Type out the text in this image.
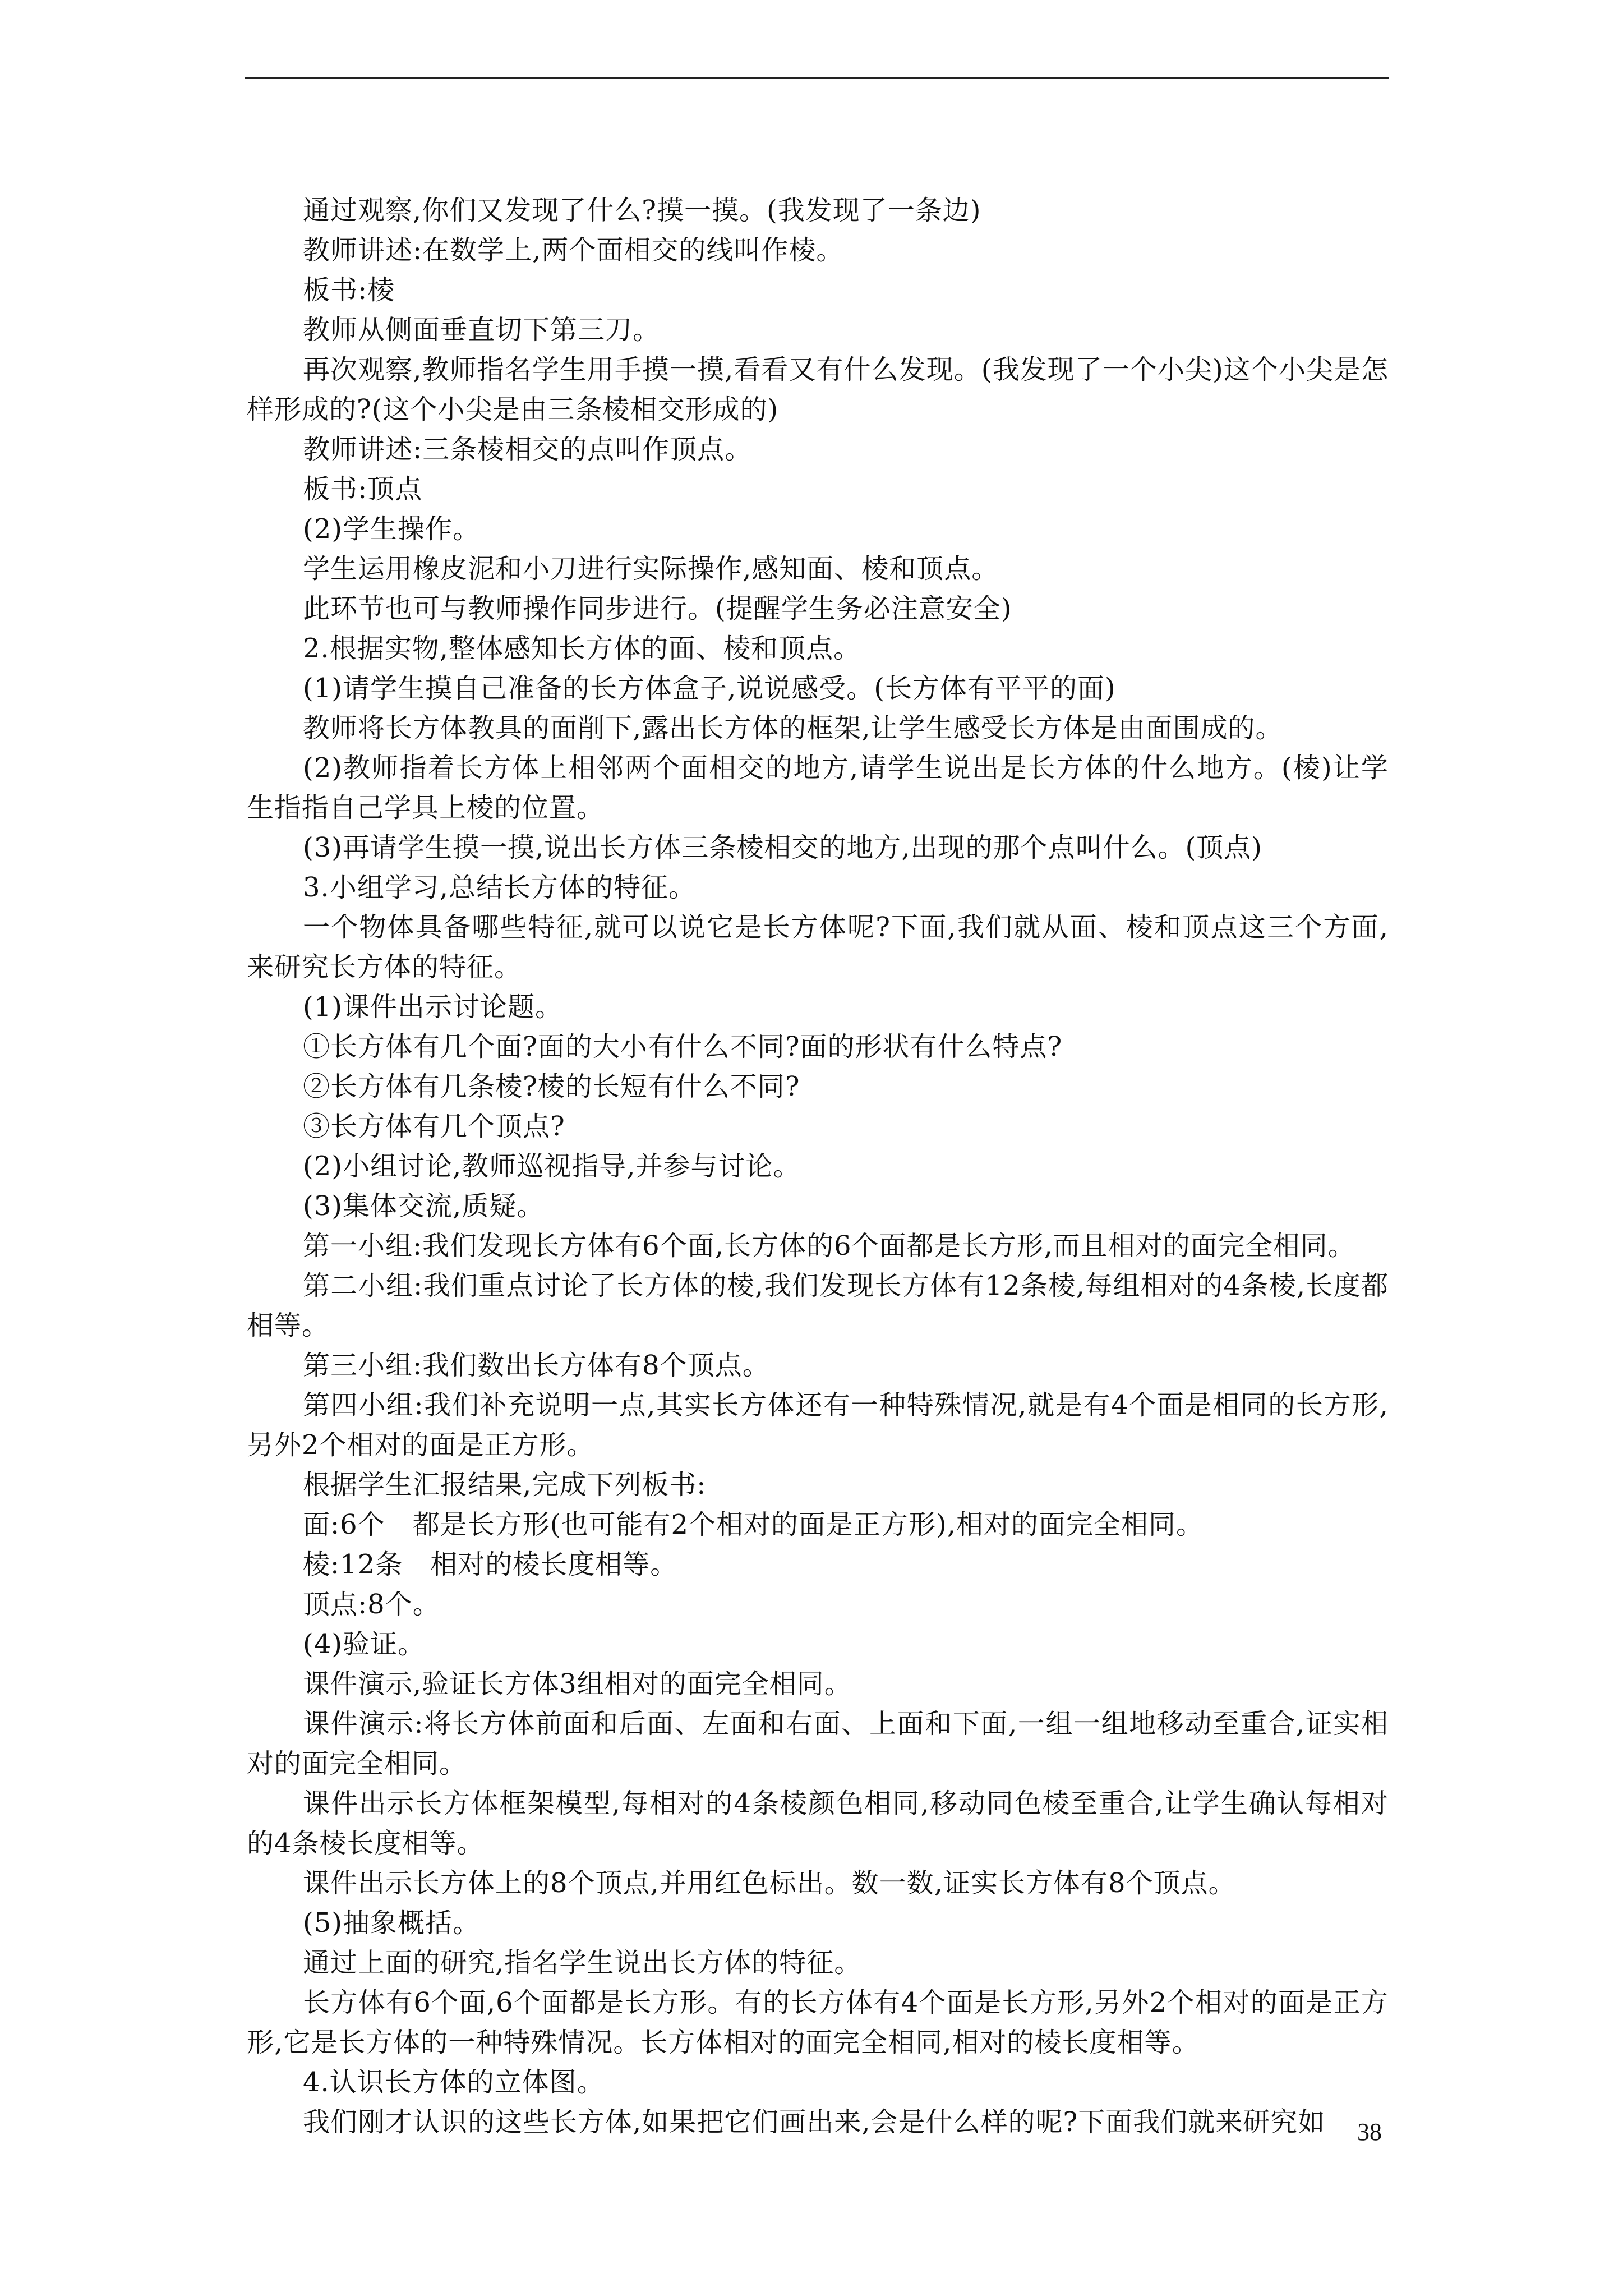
通过观察,你们又发现了什么?摸一摸。(我发现了一条边)

教师讲述:在数学上,两个面相交的线叫作棱。

板书:棱

教师从侧面垂直切下第三刀。

再次观察,教师指名学生用手摸一摸,看看又有什么发现。(我发现了一个小尖)这个小尖是怎样形成的?(这个小尖是由三条棱相交形成的)

教师讲述:三条棱相交的点叫作顶点。

板书:顶点

(2)学生操作。

学生运用橡皮泥和小刀进行实际操作,感知面、棱和顶点。

此环节也可与教师操作同步进行。(提醒学生务必注意安全)

2.根据实物,整体感知长方体的面、棱和顶点。

(1)请学生摸自己准备的长方体盒子,说说感受。(长方体有平平的面)

教师将长方体教具的面削下,露出长方体的框架,让学生感受长方体是由面围成的。

(2)教师指着长方体上相邻两个面相交的地方,请学生说出是长方体的什么地方。(棱)让学生指指自己学具上棱的位置。

(3)再请学生摸一摸,说出长方体三条棱相交的地方,出现的那个点叫什么。(顶点)

3.小组学习,总结长方体的特征。

一个物体具备哪些特征,就可以说它是长方体呢?下面,我们就从面、棱和顶点这三个方面,来研究长方体的特征。

(1)课件出示讨论题。

①长方体有几个面?面的大小有什么不同?面的形状有什么特点?

②长方体有几条棱?棱的长短有什么不同?

③长方体有几个顶点?

(2)小组讨论,教师巡视指导,并参与讨论。

(3)集体交流,质疑。

第一小组:我们发现长方体有6个面,长方体的6个面都是长方形,而且相对的面完全相同。

第二小组:我们重点讨论了长方体的棱,我们发现长方体有12条棱,每组相对的4条棱,长度都相等。

第三小组:我们数出长方体有8个顶点。

第四小组:我们补充说明一点,其实长方体还有一种特殊情况,就是有4个面是相同的长方形,另外2个相对的面是正方形。

根据学生汇报结果,完成下列板书:

面:6个　都是长方形(也可能有2个相对的面是正方形),相对的面完全相同。

棱:12条　相对的棱长度相等。

顶点:8个。

(4)验证。

课件演示,验证长方体3组相对的面完全相同。

课件演示:将长方体前面和后面、左面和右面、上面和下面,一组一组地移动至重合,证实相对的面完全相同。

课件出示长方体框架模型,每相对的4条棱颜色相同,移动同色棱至重合,让学生确认每相对的4条棱长度相等。

课件出示长方体上的8个顶点,并用红色标出。数一数,证实长方体有8个顶点。

(5)抽象概括。

通过上面的研究,指名学生说出长方体的特征。

长方体有6个面,6个面都是长方形。有的长方体有4个面是长方形,另外2个相对的面是正方形,它是长方体的一种特殊情况。长方体相对的面完全相同,相对的棱长度相等。

4.认识长方体的立体图。

我们刚才认识的这些长方体,如果把它们画出来,会是什么样的呢?下面我们就来研究如	38
